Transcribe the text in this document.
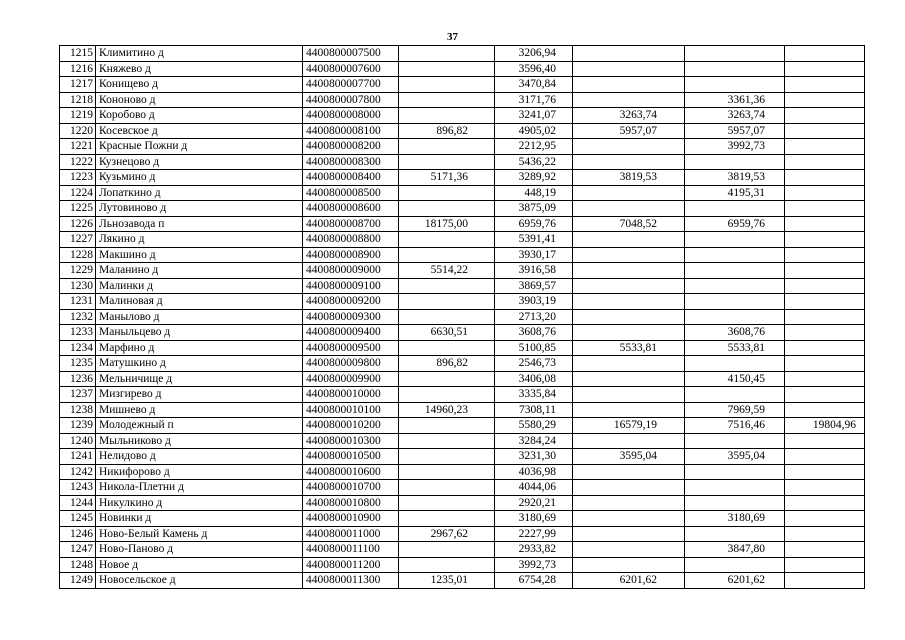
37
1215	Климитино д	4400800007500		3206,94			
1216	Княжево д	4400800007600		3596,40			
1217	Конищево д	4400800007700		3470,84			
1218	Кононово д	4400800007800		3171,76		3361,36	
1219	Коробово д	4400800008000		3241,07	3263,74	3263,74	
1220	Косевское д	4400800008100	896,82	4905,02	5957,07	5957,07	
1221	Красные Пожни д	4400800008200		2212,95		3992,73	
1222	Кузнецово д	4400800008300		5436,22			
1223	Кузьмино д	4400800008400	5171,36	3289,92	3819,53	3819,53	
1224	Лопаткино д	4400800008500		448,19		4195,31	
1225	Лутовиново д	4400800008600		3875,09			
1226	Льнозавода п	4400800008700	18175,00	6959,76	7048,52	6959,76	
1227	Лякино д	4400800008800		5391,41			
1228	Макшино д	4400800008900		3930,17			
1229	Маланино д	4400800009000	5514,22	3916,58			
1230	Малинки д	4400800009100		3869,57			
1231	Малиновая д	4400800009200		3903,19			
1232	Манылово д	4400800009300		2713,20			
1233	Маныльцево д	4400800009400	6630,51	3608,76		3608,76	
1234	Марфино д	4400800009500		5100,85	5533,81	5533,81	
1235	Матушкино д	4400800009800	896,82	2546,73			
1236	Мельничище д	4400800009900		3406,08		4150,45	
1237	Мизгирево д	4400800010000		3335,84			
1238	Мишнево д	4400800010100	14960,23	7308,11		7969,59	
1239	Молодежный п	4400800010200		5580,29	16579,19	7516,46	19804,96
1240	Мыльниково д	4400800010300		3284,24			
1241	Нелидово д	4400800010500		3231,30	3595,04	3595,04	
1242	Никифорово д	4400800010600		4036,98			
1243	Никола-Плетни д	4400800010700		4044,06			
1244	Никулкино д	4400800010800		2920,21			
1245	Новинки д	4400800010900		3180,69		3180,69	
1246	Ново-Белый Камень д	4400800011000	2967,62	2227,99			
1247	Ново-Паново д	4400800011100		2933,82		3847,80	
1248	Новое д	4400800011200		3992,73			
1249	Новосельское д	4400800011300	1235,01	6754,28	6201,62	6201,62	
